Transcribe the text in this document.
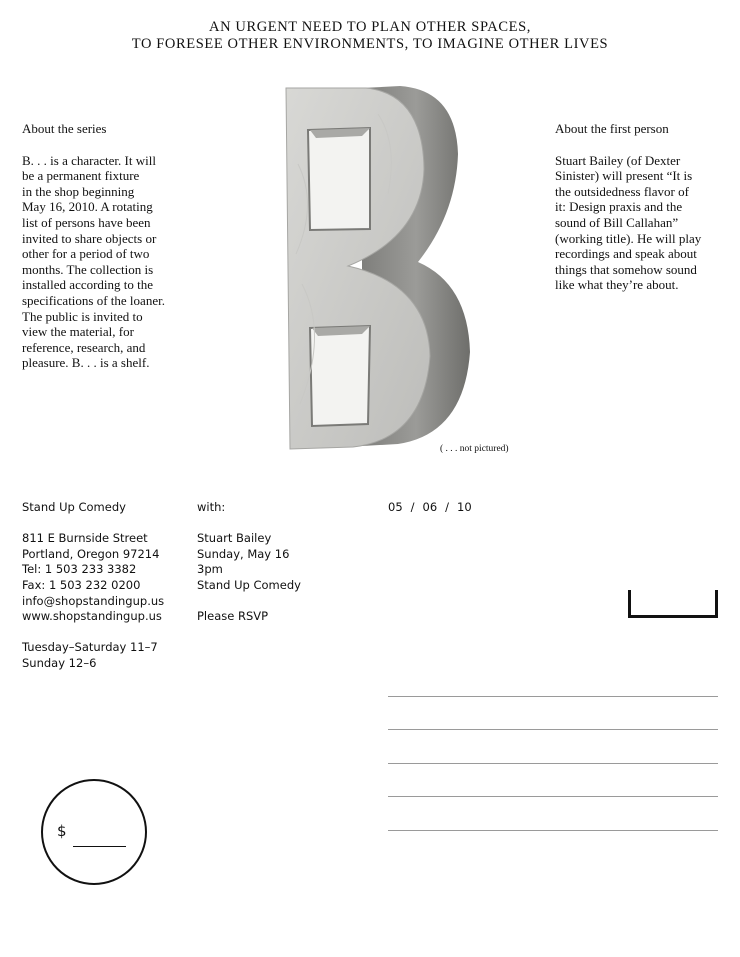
AN URGENT NEED TO PLAN OTHER SPACES,
TO FORESEE OTHER ENVIRONMENTS, TO IMAGINE OTHER LIVES
About the series
B. . . is a character. It will
be a permanent fixture
in the shop beginning
May 16, 2010. A rotating
list of persons have been
invited to share objects or
other for a period of two
months. The collection is
installed according to the
specifications of the loaner.
The public is invited to
view the material, for
reference, research, and
pleasure. B. . . is a shelf.
About the first person
Stuart Bailey (of Dexter
Sinister) will present “It is
the outsidedness flavor of
it: Design praxis and the
sound of Bill Callahan”
(working title). He will play
recordings and speak about
things that somehow sound
like what they’re about.
( . . . not pictured)
Stand Up Comedy
811 E Burnside Street
Portland, Oregon 97214
Tel: 1 503 233 3382
Fax: 1 503 232 0200
info@shopstandingup.us
www.shopstandingup.us
Tuesday–Saturday 11–7
Sunday 12–6
with:
Stuart Bailey
Sunday, May 16
3pm
Stand Up Comedy
Please RSVP
05 / 06 / 10
$
